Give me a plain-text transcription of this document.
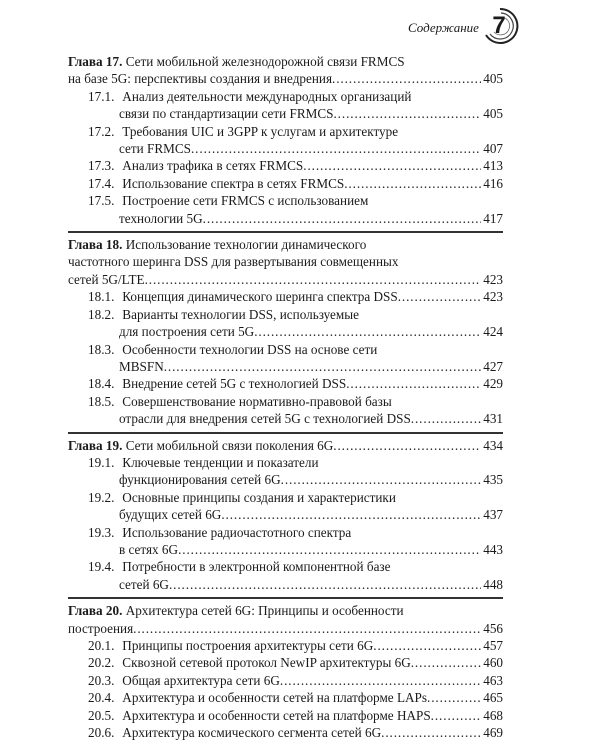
Содержание 7
Глава 17. Сети мобильной железнодорожной связи FRMCS
на базе 5G: перспективы создания и внедрения . . .	405
17.1. Анализ деятельности международных организаций
связи по стандартизации сети FRMCS . . .	405
17.2. Требования UIC и 3GPP к услугам и архитектуре
сети FRMCS . . .	407
17.3. Анализ трафика в сетях FRMCS . . .	413
17.4. Использование спектра в сетях FRMCS . . .	416
17.5. Построение сети FRMCS с использованием
технологии 5G . . .	417
Глава 18. Использование технологии динамического
частотного шеринга DSS для развертывания совмещенных
сетей 5G/LTE . . .	423
18.1. Концепция динамического шеринга спектра DSS . . .	423
18.2. Варианты технологии DSS, используемые
для построения сети 5G . . .	424
18.3. Особенности технологии DSS на основе сети
MBSFN . . .	427
18.4. Внедрение сетей 5G с технологией DSS . . .	429
18.5. Совершенствование нормативно-правовой базы
отрасли для внедрения сетей 5G с технологией DSS . . .	431
Глава 19. Сети мобильной связи поколения 6G . . .	434
19.1. Ключевые тенденции и показатели
функционирования сетей 6G . . .	435
19.2. Основные принципы создания и характеристики
будущих сетей 6G . . .	437
19.3. Использование радиочастотного спектра
в сетях 6G . . .	443
19.4. Потребности в электронной компонентной базе
сетей 6G . . .	448
Глава 20. Архитектура сетей 6G: Принципы и особенности
построения . . .	456
20.1. Принципы построения архитектуры сети 6G . . .	457
20.2. Сквозной сетевой протокол NewIP архитектуры 6G . . .	460
20.3. Общая архитектура сети 6G . . .	463
20.4. Архитектура и особенности сетей на платформе LAPs . . .	465
20.5. Архитектура и особенности сетей на платформе HAPS . . .	468
20.6. Архитектура космического сегмента сетей 6G . . .	469
